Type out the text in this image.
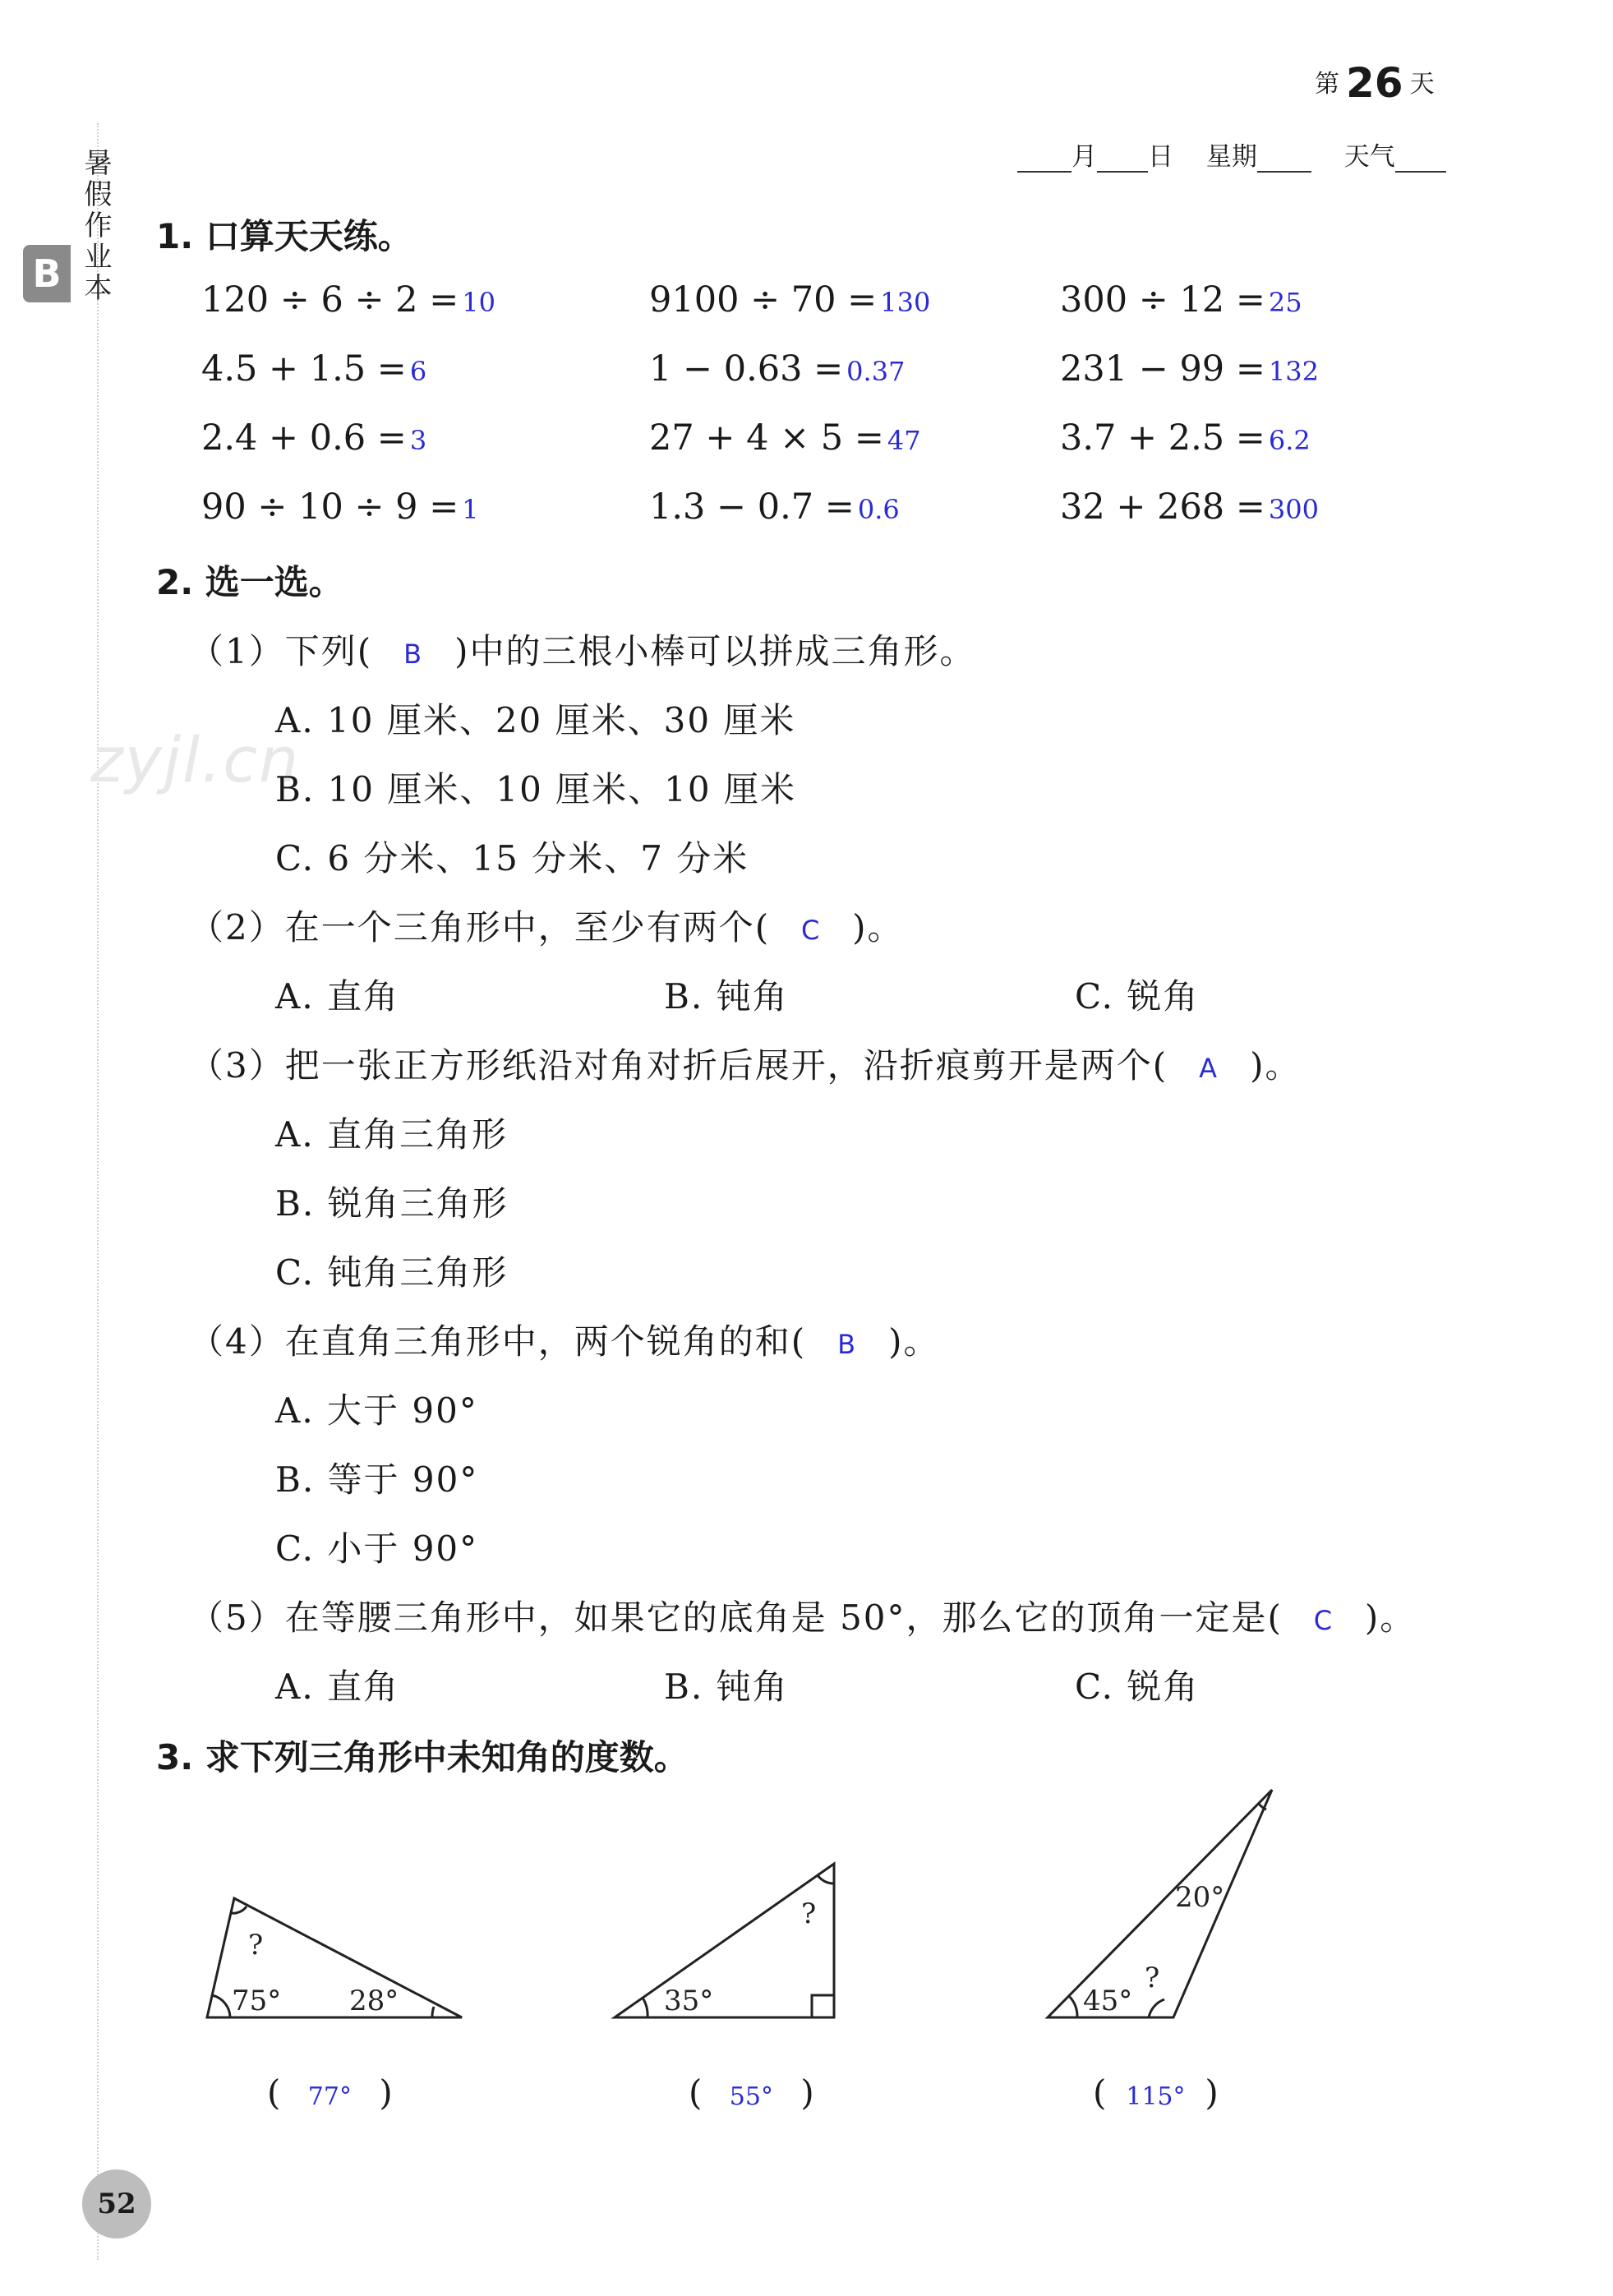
暑假作业本
B
第 26 天
月 日 星期	天气
zyjl.cn
1. 口算天天练。
120 ÷ 6 ÷ 2 = 10	9100 ÷ 70 = 130	300 ÷ 12 = 25
4.5 + 1.5 = 6	1 − 0.63 = 0.37	231 − 99 = 132
2.4 + 0.6 = 3	27 + 4 × 5 = 47	3.7 + 2.5 = 6.2
90 ÷ 10 ÷ 9 = 1	1.3 − 0.7 = 0.6	32 + 268 = 300
2. 选一选。
（1）下列( B )中的三根小棒可以拼成三角形。
A. 10 厘米、20 厘米、30 厘米
B. 10 厘米、10 厘米、10 厘米
C. 6 分米、15 分米、7 分米
（2）在一个三角形中，至少有两个( C )。
A. 直角	B. 钝角	C. 锐角
（3）把一张正方形纸沿对角对折后展开，沿折痕剪开是两个( A )。
A. 直角三角形
B. 锐角三角形
C. 钝角三角形
（4）在直角三角形中，两个锐角的和( B )。
A. 大于 90°
B. 等于 90°
C. 小于 90°
（5）在等腰三角形中，如果它的底角是 50°，那么它的顶角一定是( C )。
A. 直角	B. 钝角	C. 锐角
3. 求下列三角形中未知角的度数。
?
75° 28°
?
35°
20°
?
45°
( 77° )	( 55° )	( 115° )
52
